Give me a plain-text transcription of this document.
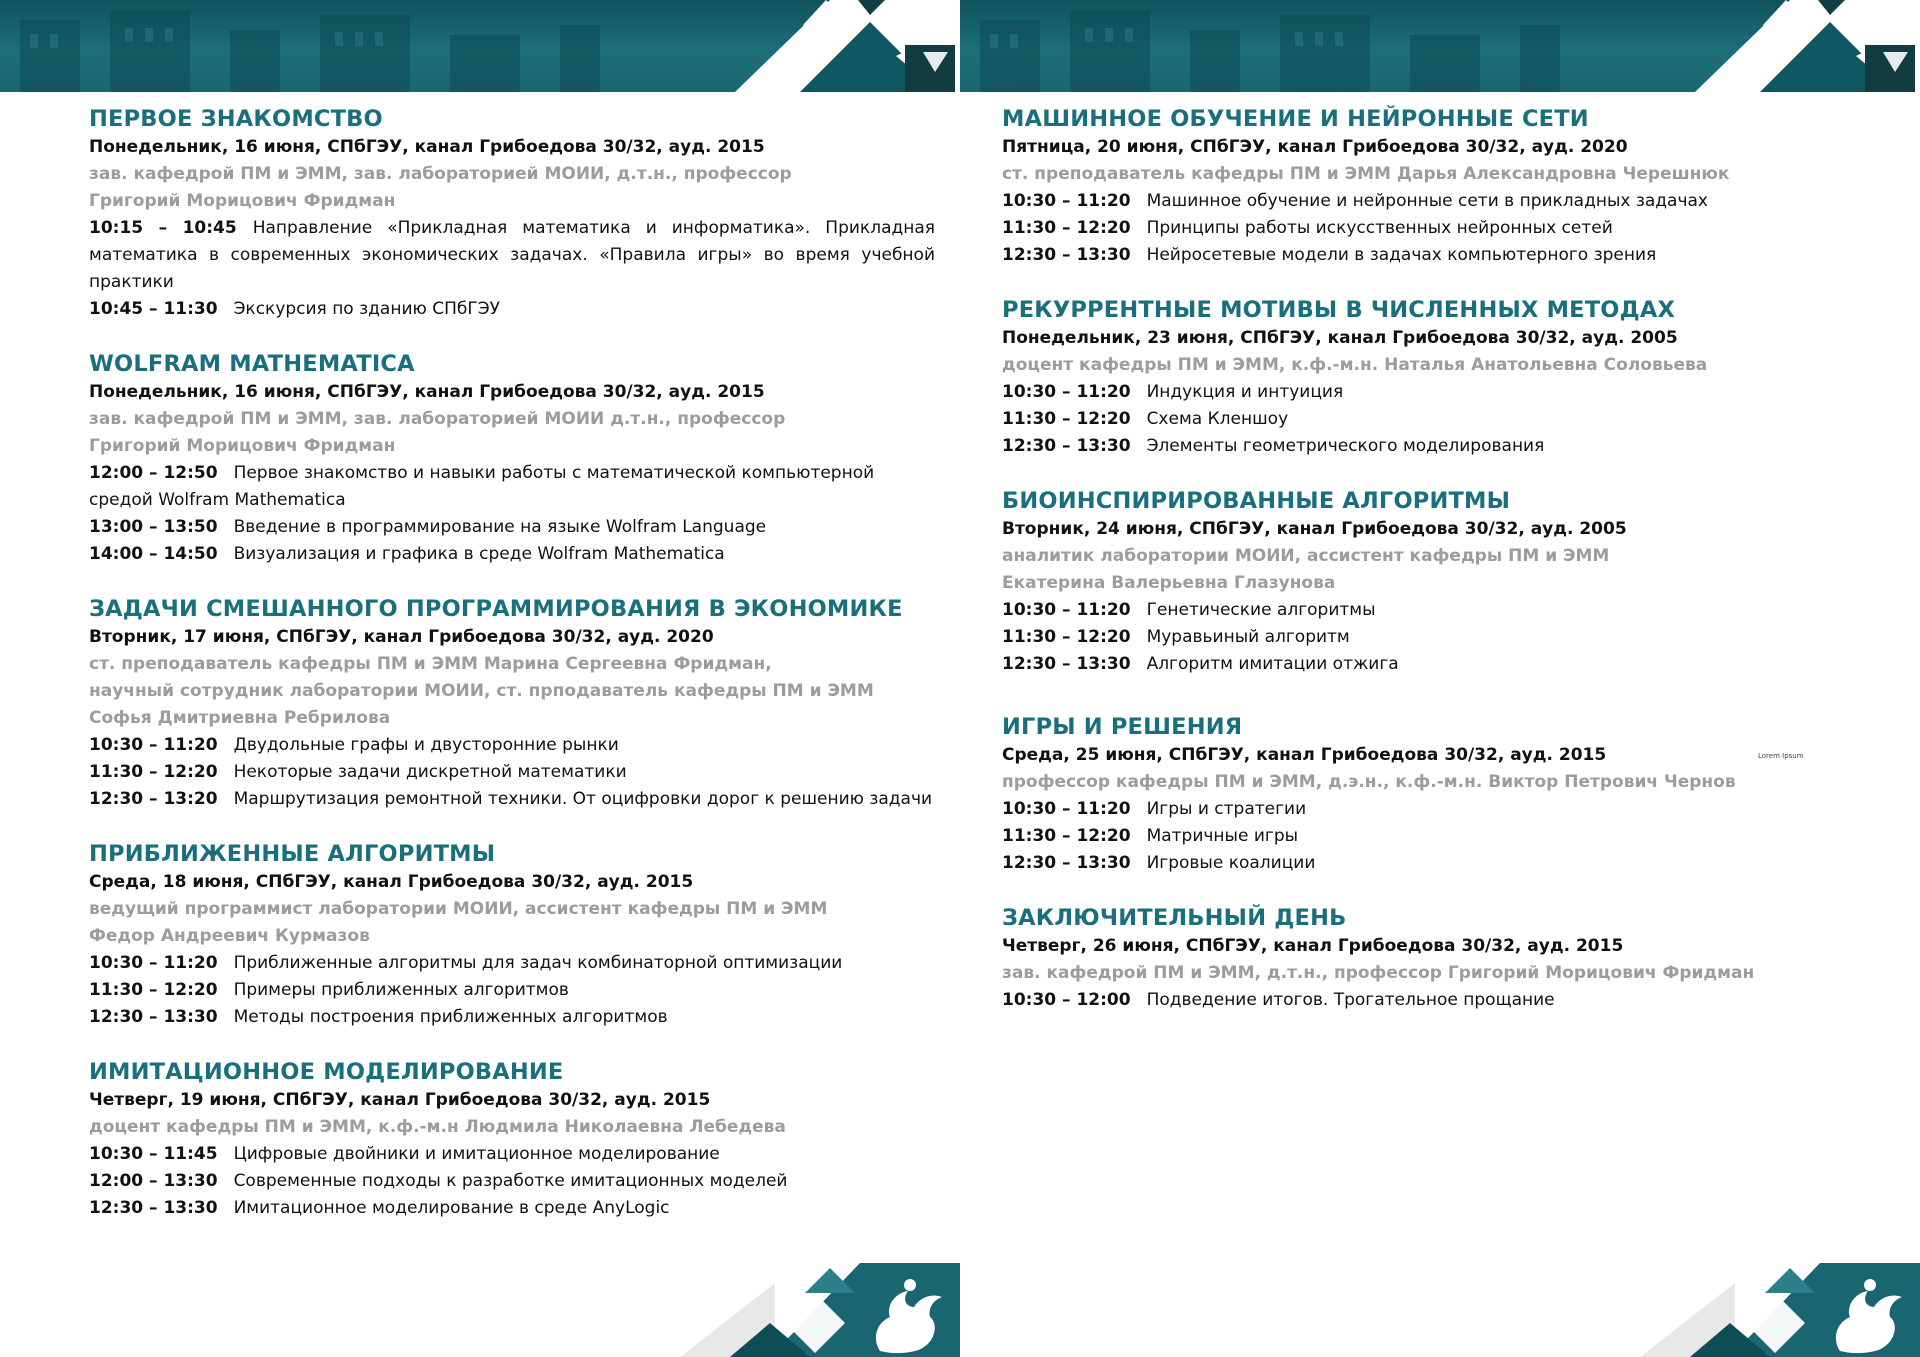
ПЕРВОЕ ЗНАКОМСТВО
Понедельник, 16 июня, СПбГЭУ, канал Грибоедова 30/32, ауд. 2015
зав. кафедрой ПМ и ЭММ, зав. лабораторией МОИИ, д.т.н., профессор
Григорий Морицович Фридман
10:15 – 10:45 Направление «Прикладная математика и информатика». Прикладная математика в современных экономических задачах. «Правила игры» во время учебной практики
10:45 – 11:30 Экскурсия по зданию СПбГЭУ
WOLFRAM MATHEMATICA
Понедельник, 16 июня, СПбГЭУ, канал Грибоедова 30/32, ауд. 2015
зав. кафедрой ПМ и ЭММ, зав. лабораторией МОИИ д.т.н., профессор
Григорий Морицович Фридман
12:00 – 12:50 Первое знакомство и навыки работы с математической компьютерной средой Wolfram Mathematica
13:00 – 13:50 Введение в программирование на языке Wolfram Language
14:00 – 14:50 Визуализация и графика в среде Wolfram Mathematica
ЗАДАЧИ СМЕШАННОГО ПРОГРАММИРОВАНИЯ В ЭКОНОМИКЕ
Вторник, 17 июня, СПбГЭУ, канал Грибоедова 30/32, ауд. 2020
ст. преподаватель кафедры ПМ и ЭММ Марина Сергеевна Фридман,
научный сотрудник лаборатории МОИИ, ст. прподаватель кафедры ПМ и ЭММ
Софья Дмитриевна Ребрилова
10:30 – 11:20 Двудольные графы и двусторонние рынки
11:30 – 12:20 Некоторые задачи дискретной математики
12:30 – 13:20 Маршрутизация ремонтной техники. От оцифровки дорог к решению задачи
ПРИБЛИЖЕННЫЕ АЛГОРИТМЫ
Среда, 18 июня, СПбГЭУ, канал Грибоедова 30/32, ауд. 2015
ведущий программист лаборатории МОИИ, ассистент кафедры ПМ и ЭММ
Федор Андреевич Курмазов
10:30 – 11:20 Приближенные алгоритмы для задач комбинаторной оптимизации
11:30 – 12:20 Примеры приближенных алгоритмов
12:30 – 13:30 Методы построения приближенных алгоритмов
ИМИТАЦИОННОЕ МОДЕЛИРОВАНИЕ
Четверг, 19 июня, СПбГЭУ, канал Грибоедова 30/32, ауд. 2015
доцент кафедры ПМ и ЭММ, к.ф.-м.н Людмила Николаевна Лебедева
10:30 – 11:45 Цифровые двойники и имитационное моделирование
12:00 – 13:30 Современные подходы к разработке имитационных моделей
12:30 – 13:30 Имитационное моделирование в среде AnyLogic
МАШИННОЕ ОБУЧЕНИЕ И НЕЙРОННЫЕ СЕТИ
Пятница, 20 июня, СПбГЭУ, канал Грибоедова 30/32, ауд. 2020
ст. преподаватель кафедры ПМ и ЭММ Дарья Александровна Черешнюк
10:30 – 11:20 Машинное обучение и нейронные сети в прикладных задачах
11:30 – 12:20 Принципы работы искусственных нейронных сетей
12:30 – 13:30 Нейросетевые модели в задачах компьютерного зрения
РЕКУРРЕНТНЫЕ МОТИВЫ В ЧИСЛЕННЫХ МЕТОДАХ
Понедельник, 23 июня, СПбГЭУ, канал Грибоедова 30/32, ауд. 2005
доцент кафедры ПМ и ЭММ, к.ф.-м.н. Наталья Анатольевна Соловьева
10:30 – 11:20 Индукция и интуиция
11:30 – 12:20 Схема Кленшоу
12:30 – 13:30 Элементы геометрического моделирования
БИОИНСПИРИРОВАННЫЕ АЛГОРИТМЫ
Вторник, 24 июня, СПбГЭУ, канал Грибоедова 30/32, ауд. 2005
аналитик лаборатории МОИИ, ассистент кафедры ПМ и ЭММ
Екатерина Валерьевна Глазунова
10:30 – 11:20 Генетические алгоритмы
11:30 – 12:20 Муравьиный алгоритм
12:30 – 13:30 Алгоритм имитации отжига
ИГРЫ И РЕШЕНИЯ
Среда, 25 июня, СПбГЭУ, канал Грибоедова 30/32, ауд. 2015
профессор кафедры ПМ и ЭММ, д.э.н., к.ф.-м.н. Виктор Петрович Чернов
10:30 – 11:20 Игры и стратегии
11:30 – 12:20 Матричные игры
12:30 – 13:30 Игровые коалиции
ЗАКЛЮЧИТЕЛЬНЫЙ ДЕНЬ
Четверг, 26 июня, СПбГЭУ, канал Грибоедова 30/32, ауд. 2015
зав. кафедрой ПМ и ЭММ, д.т.н., профессор Григорий Морицович Фридман
10:30 – 12:00 Подведение итогов. Трогательное прощание
Lorem Ipsum
